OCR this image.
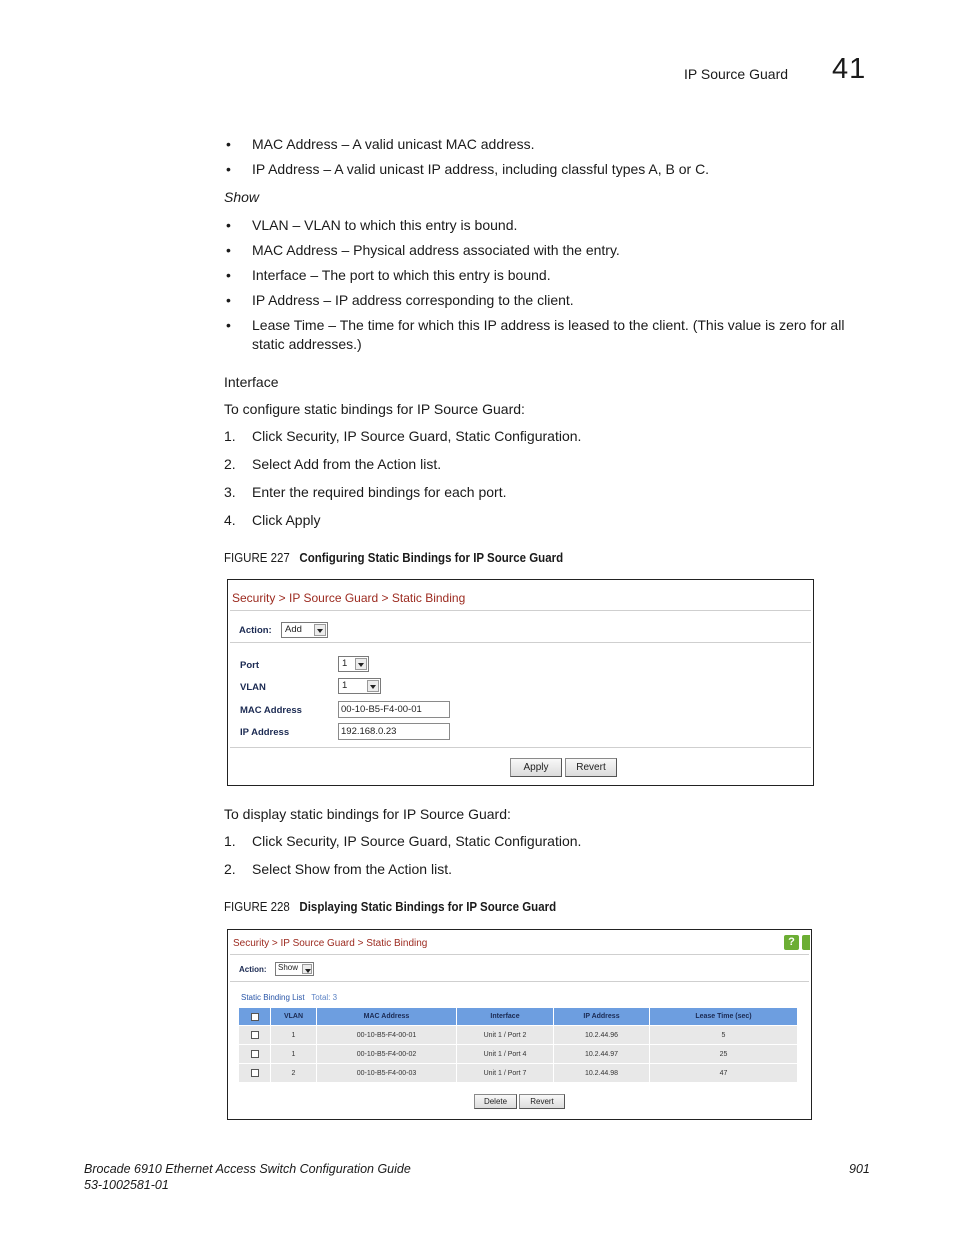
IP Source Guard 41
• MAC Address – A valid unicast MAC address.
• IP Address – A valid unicast IP address, including classful types A, B or C.
Show
• VLAN – VLAN to which this entry is bound.
• MAC Address – Physical address associated with the entry.
• Interface – The port to which this entry is bound.
• IP Address – IP address corresponding to the client.
• Lease Time – The time for which this IP address is leased to the client. (This value is zero for all static addresses.)
Interface
To configure static bindings for IP Source Guard:
1. Click Security, IP Source Guard, Static Configuration.
2. Select Add from the Action list.
3. Enter the required bindings for each port.
4. Click Apply
FIGURE 227 Configuring Static Bindings for IP Source Guard
Security > IP Source Guard > Static Binding
Action:	Add
Port	1
VLAN	1
MAC Address	00-10-B5-F4-00-01
IP Address	192.168.0.23
Apply	Revert
To display static bindings for IP Source Guard:
1. Click Security, IP Source Guard, Static Configuration.
2. Select Show from the Action list.
FIGURE 228 Displaying Static Bindings for IP Source Guard
Security > IP Source Guard > Static Binding	?
Action:	Show
Static Binding List Total: 3
	VLAN	MAC Address	Interface	IP Address	Lease Time (sec)
	1	00-10-B5-F4-00-01	Unit 1 / Port 2	10.2.44.96	5
	1	00-10-B5-F4-00-02	Unit 1 / Port 4	10.2.44.97	25
	2	00-10-B5-F4-00-03	Unit 1 / Port 7	10.2.44.98	47
Delete	Revert
Brocade 6910 Ethernet Access Switch Configuration Guide
53-1002581-01
901
